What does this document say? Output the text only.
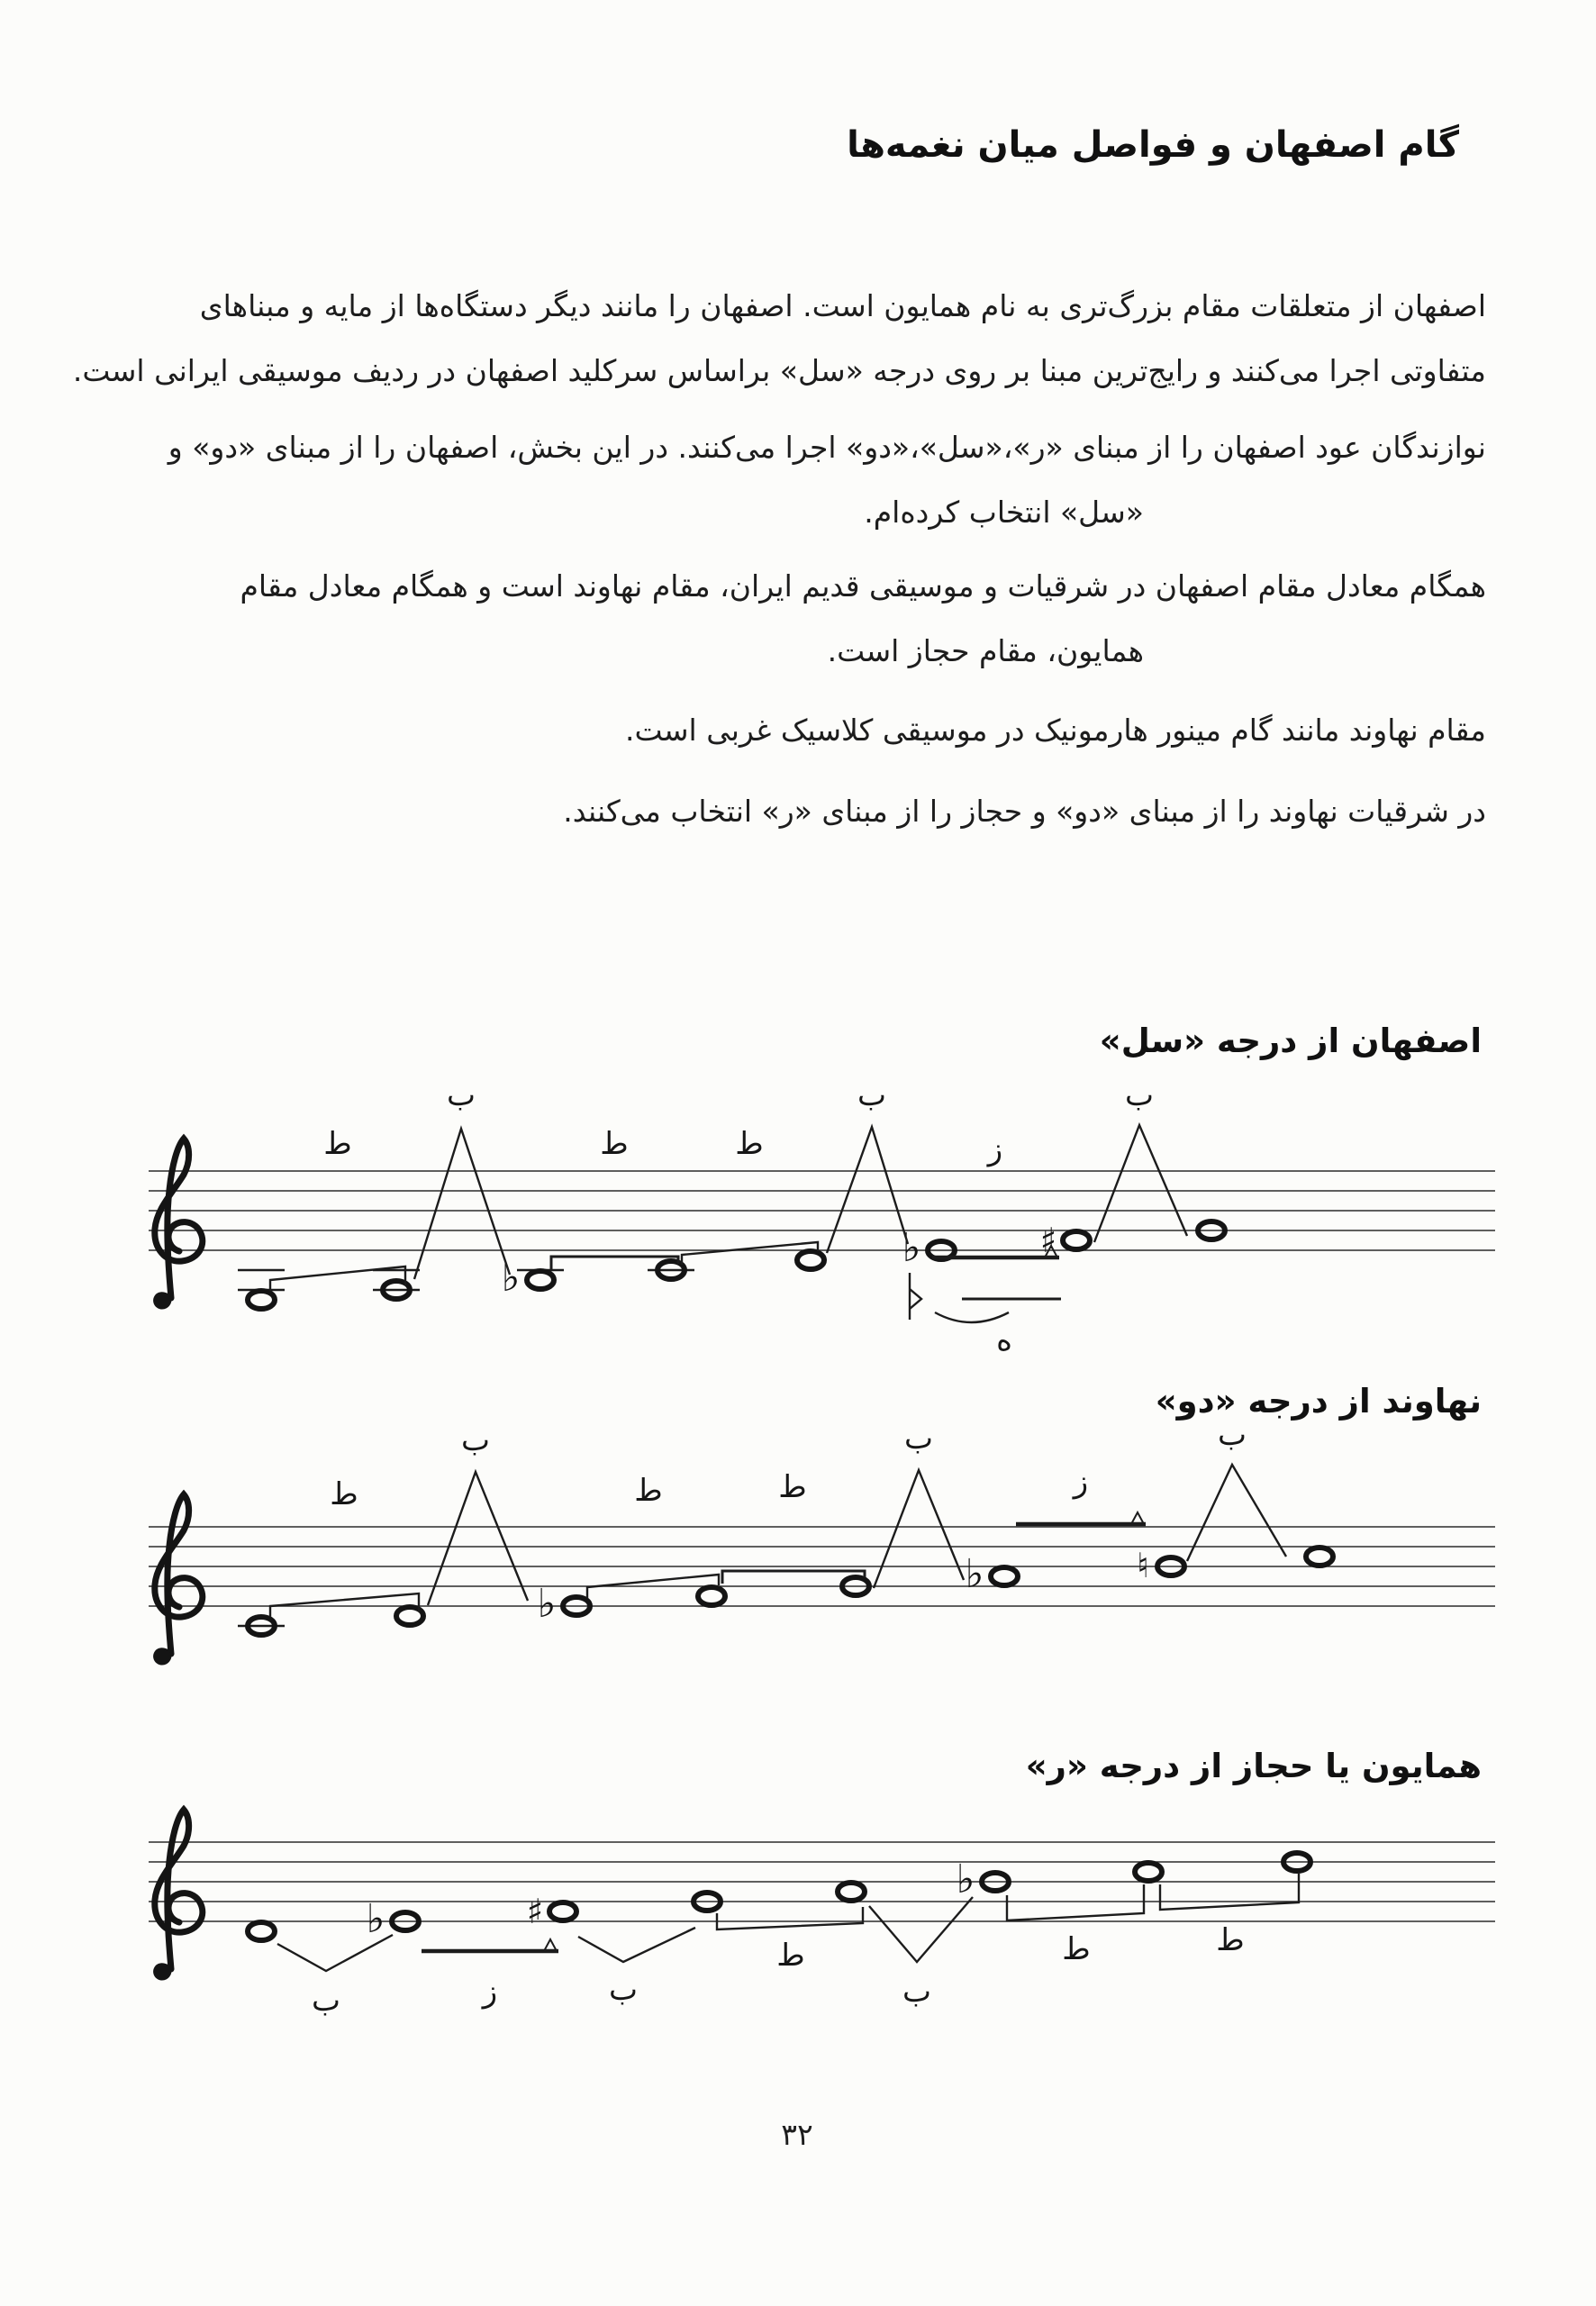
گام اصفهان و فواصل میان نغمه‌ها
اصفهان از متعلقات مقام بزرگ‌تری به نام همایون است. اصفهان را مانند دیگر دستگاه‌ها از مایه و مبناهای
متفاوتی اجرا می‌کنند و رایج‌ترین مبنا بر روی درجه «سل» براساس سرکلید اصفهان در ردیف موسیقی ایرانی است.
نوازندگان عود اصفهان را از مبنای «ر»،«سل»،«دو» اجرا می‌کنند. در این بخش، اصفهان را از مبنای «دو» و
«سل» انتخاب کرده‌ام.
همگام معادل مقام اصفهان در شرقیات و موسیقی قدیم ایران، مقام نهاوند است و همگام معادل مقام
همایون، مقام حجاز است.
مقام نهاوند مانند گام مینور هارمونیک در موسیقی کلاسیک غربی است.
در شرقیات نهاوند را از مبنای «دو» و حجاز را از مبنای «ر» انتخاب می‌کنند.
اصفهان از درجه «سل»
نهاوند از درجه «دو»
همایون یا حجاز از درجه «ر»
♭
♭	♯
ط
ب
ط	ط
ب
ز
ب
ه
♭
♭	♮
ط
ب
ط	ط
ب
ز
ب
♭	♯
♭
ب	ز	ب
ط
ب
ط	ط
۳۲
